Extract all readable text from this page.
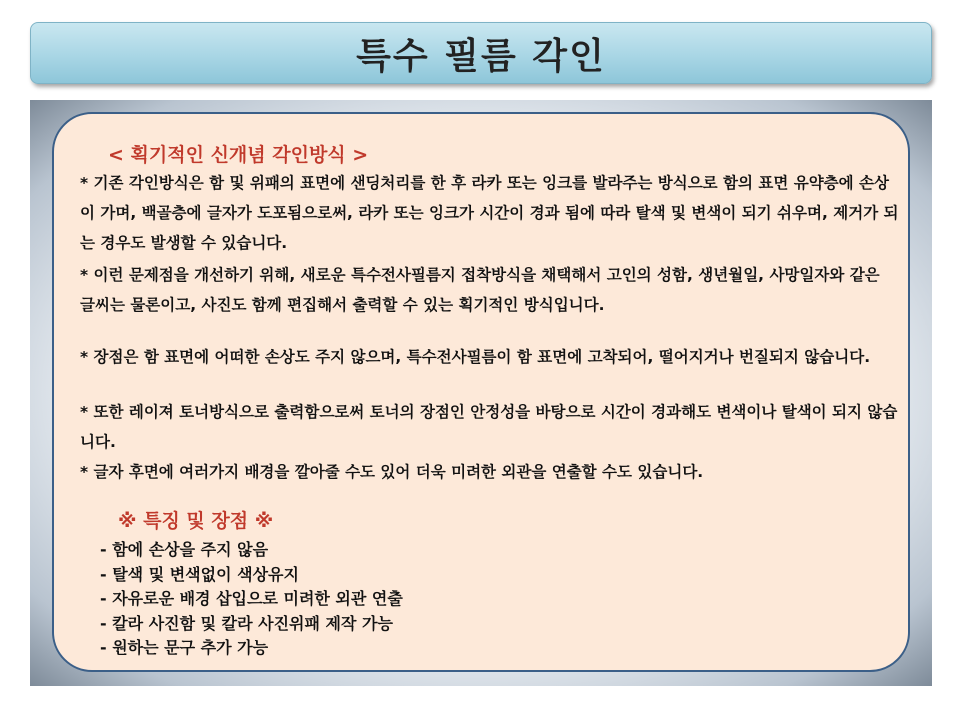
특수 필름 각인
< 획기적인 신개념 각인방식 >

* 기존 각인방식은 함 및 위패의 표면에 샌딩처리를 한 후 라카 또는 잉크를 발라주는 방식으로 함의 표면 유약층에 손상이 가며, 백골층에 글자가 도포됨으로써, 라카 또는 잉크가 시간이 경과 됨에 따라 탈색 및 변색이 되기 쉬우며, 제거가 되는 경우도 발생할 수 있습니다.

* 이런 문제점을 개선하기 위해, 새로운 특수전사필름지 접착방식을 채택해서 고인의 성함, 생년월일, 사망일자와 같은 글씨는 물론이고, 사진도 함께 편집해서 출력할 수 있는 획기적인 방식입니다.

* 장점은 함 표면에 어떠한 손상도 주지 않으며, 특수전사필름이 함 표면에 고착되어, 떨어지거나 번질되지 않습니다.

* 또한 레이져 토너방식으로 출력함으로써 토너의 장점인 안정성을 바탕으로 시간이 경과해도 변색이나 탈색이 되지 않습니다.

* 글자 후면에 여러가지 배경을 깔아줄 수도 있어 더욱 미려한 외관을 연출할 수도 있습니다.

※ 특징 및 장점 ※
- 함에 손상을 주지 않음
- 탈색 및 변색없이 색상유지
- 자유로운 배경 삽입으로 미려한 외관 연출
- 칼라 사진함 및 칼라 사진위패 제작 가능
- 원하는 문구 추가 가능
